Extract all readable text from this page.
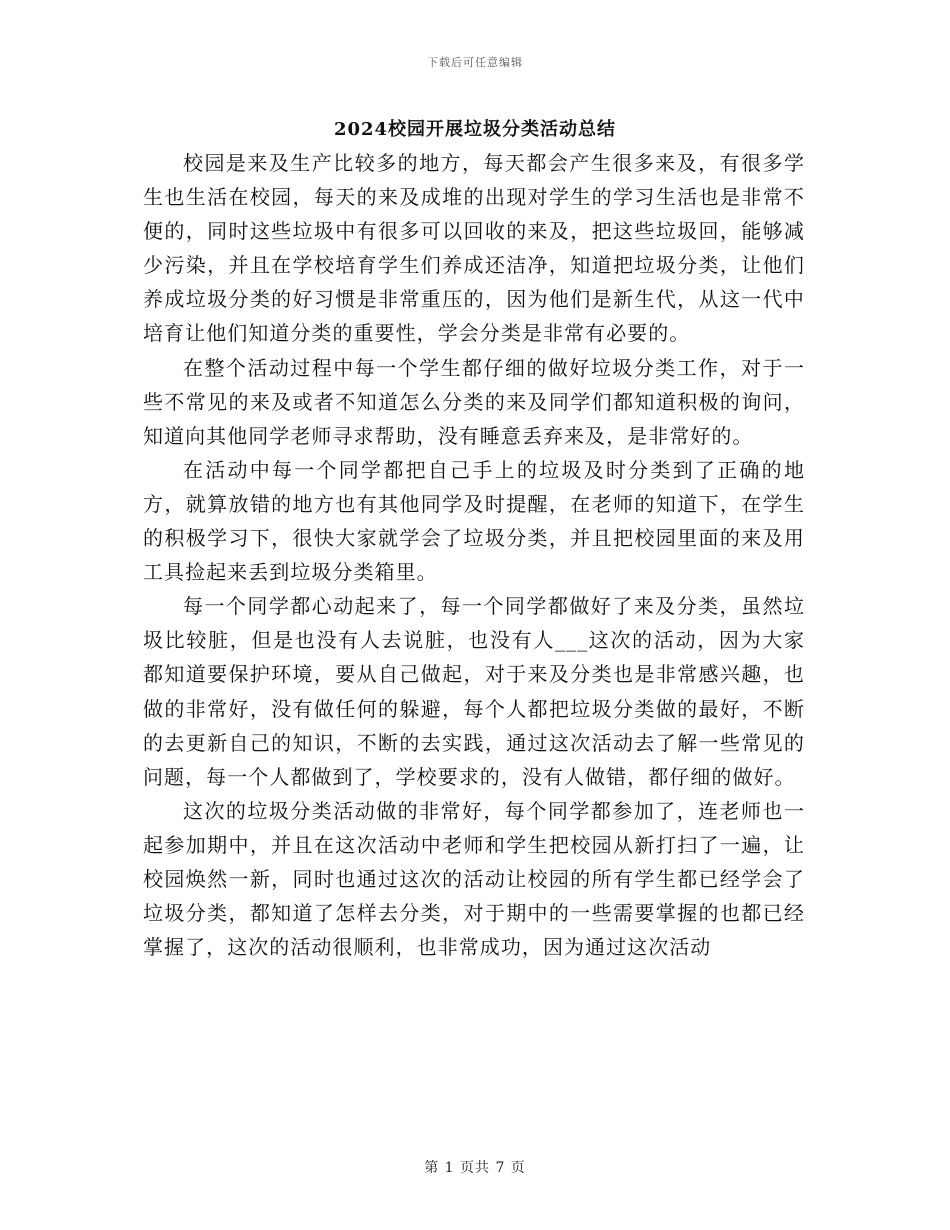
下载后可任意编辑
2024校园开展垃圾分类活动总结

校园是来及生产比较多的地方，每天都会产生很多来及，有很多学生也生活在校园，每天的来及成堆的出现对学生的学习生活也是非常不便的，同时这些垃圾中有很多可以回收的来及，把这些垃圾回，能够减少污染，并且在学校培育学生们养成还洁净，知道把垃圾分类，让他们养成垃圾分类的好习惯是非常重压的，因为他们是新生代，从这一代中培育让他们知道分类的重要性，学会分类是非常有必要的。

在整个活动过程中每一个学生都仔细的做好垃圾分类工作，对于一些不常见的来及或者不知道怎么分类的来及同学们都知道积极的询问，知道向其他同学老师寻求帮助，没有睡意丢弃来及，是非常好的。

在活动中每一个同学都把自己手上的垃圾及时分类到了正确的地方，就算放错的地方也有其他同学及时提醒，在老师的知道下，在学生的积极学习下，很快大家就学会了垃圾分类，并且把校园里面的来及用工具捡起来丢到垃圾分类箱里。

每一个同学都心动起来了，每一个同学都做好了来及分类，虽然垃圾比较脏，但是也没有人去说脏，也没有人___这次的活动，因为大家都知道要保护环境，要从自己做起，对于来及分类也是非常感兴趣，也做的非常好，没有做任何的躲避，每个人都把垃圾分类做的最好，不断的去更新自己的知识，不断的去实践，通过这次活动去了解一些常见的问题，每一个人都做到了，学校要求的，没有人做错，都仔细的做好。

这次的垃圾分类活动做的非常好，每个同学都参加了，连老师也一起参加期中，并且在这次活动中老师和学生把校园从新打扫了一遍，让校园焕然一新，同时也通过这次的活动让校园的所有学生都已经学会了垃圾分类，都知道了怎样去分类，对于期中的一些需要掌握的也都已经掌握了，这次的活动很顺利，也非常成功，因为通过这次活动

第 1 页共 7 页
